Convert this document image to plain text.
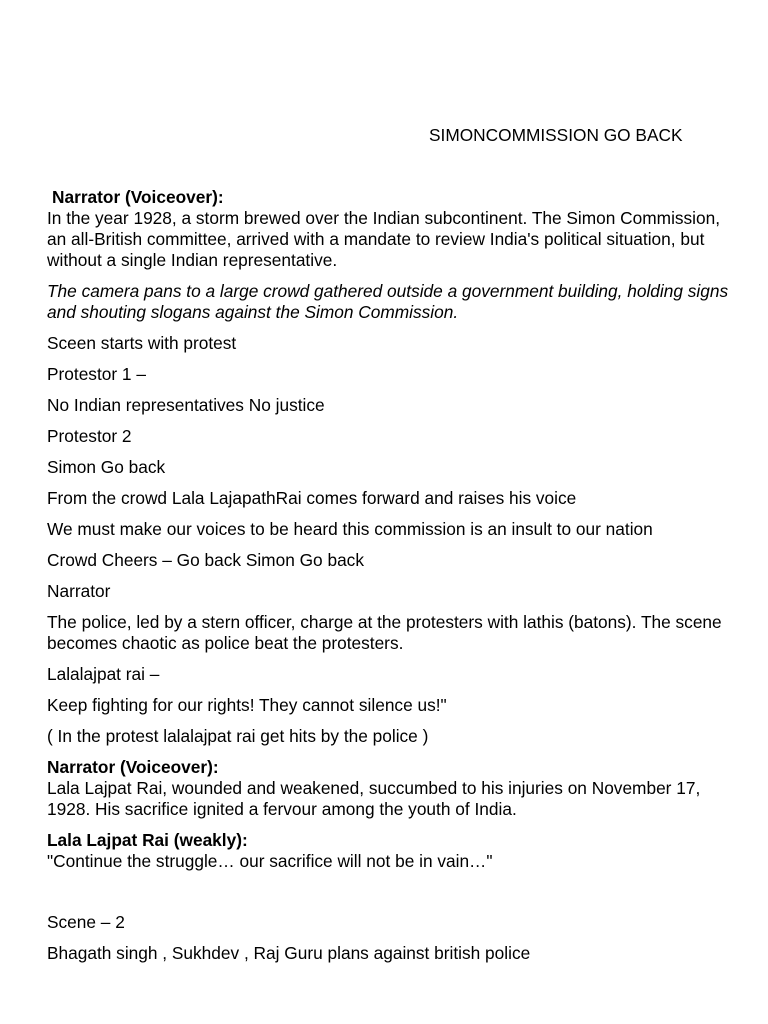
SIMONCOMMISSION GO BACK

Narrator (Voiceover):
In the year 1928, a storm brewed over the Indian subcontinent. The Simon Commission, an all-British committee, arrived with a mandate to review India's political situation, but without a single Indian representative.

The camera pans to a large crowd gathered outside a government building, holding signs and shouting slogans against the Simon Commission.

Sceen starts with protest

Protestor 1 –

No Indian representatives No justice

Protestor 2

Simon Go back

From the crowd Lala LajapathRai comes forward and raises his voice

We must make our voices to be heard this commission is an insult to our nation

Crowd Cheers – Go back Simon Go back

Narrator

The police, led by a stern officer, charge at the protesters with lathis (batons). The scene becomes chaotic as police beat the protesters.

Lalalajpat rai –

Keep fighting for our rights! They cannot silence us!"

( In the protest lalalajpat rai get hits by the police )

Narrator (Voiceover):
Lala Lajpat Rai, wounded and weakened, succumbed to his injuries on November 17, 1928. His sacrifice ignited a fervour among the youth of India.

Lala Lajpat Rai (weakly):
"Continue the struggle… our sacrifice will not be in vain…"

Scene – 2

Bhagath singh , Sukhdev , Raj Guru plans against british police
